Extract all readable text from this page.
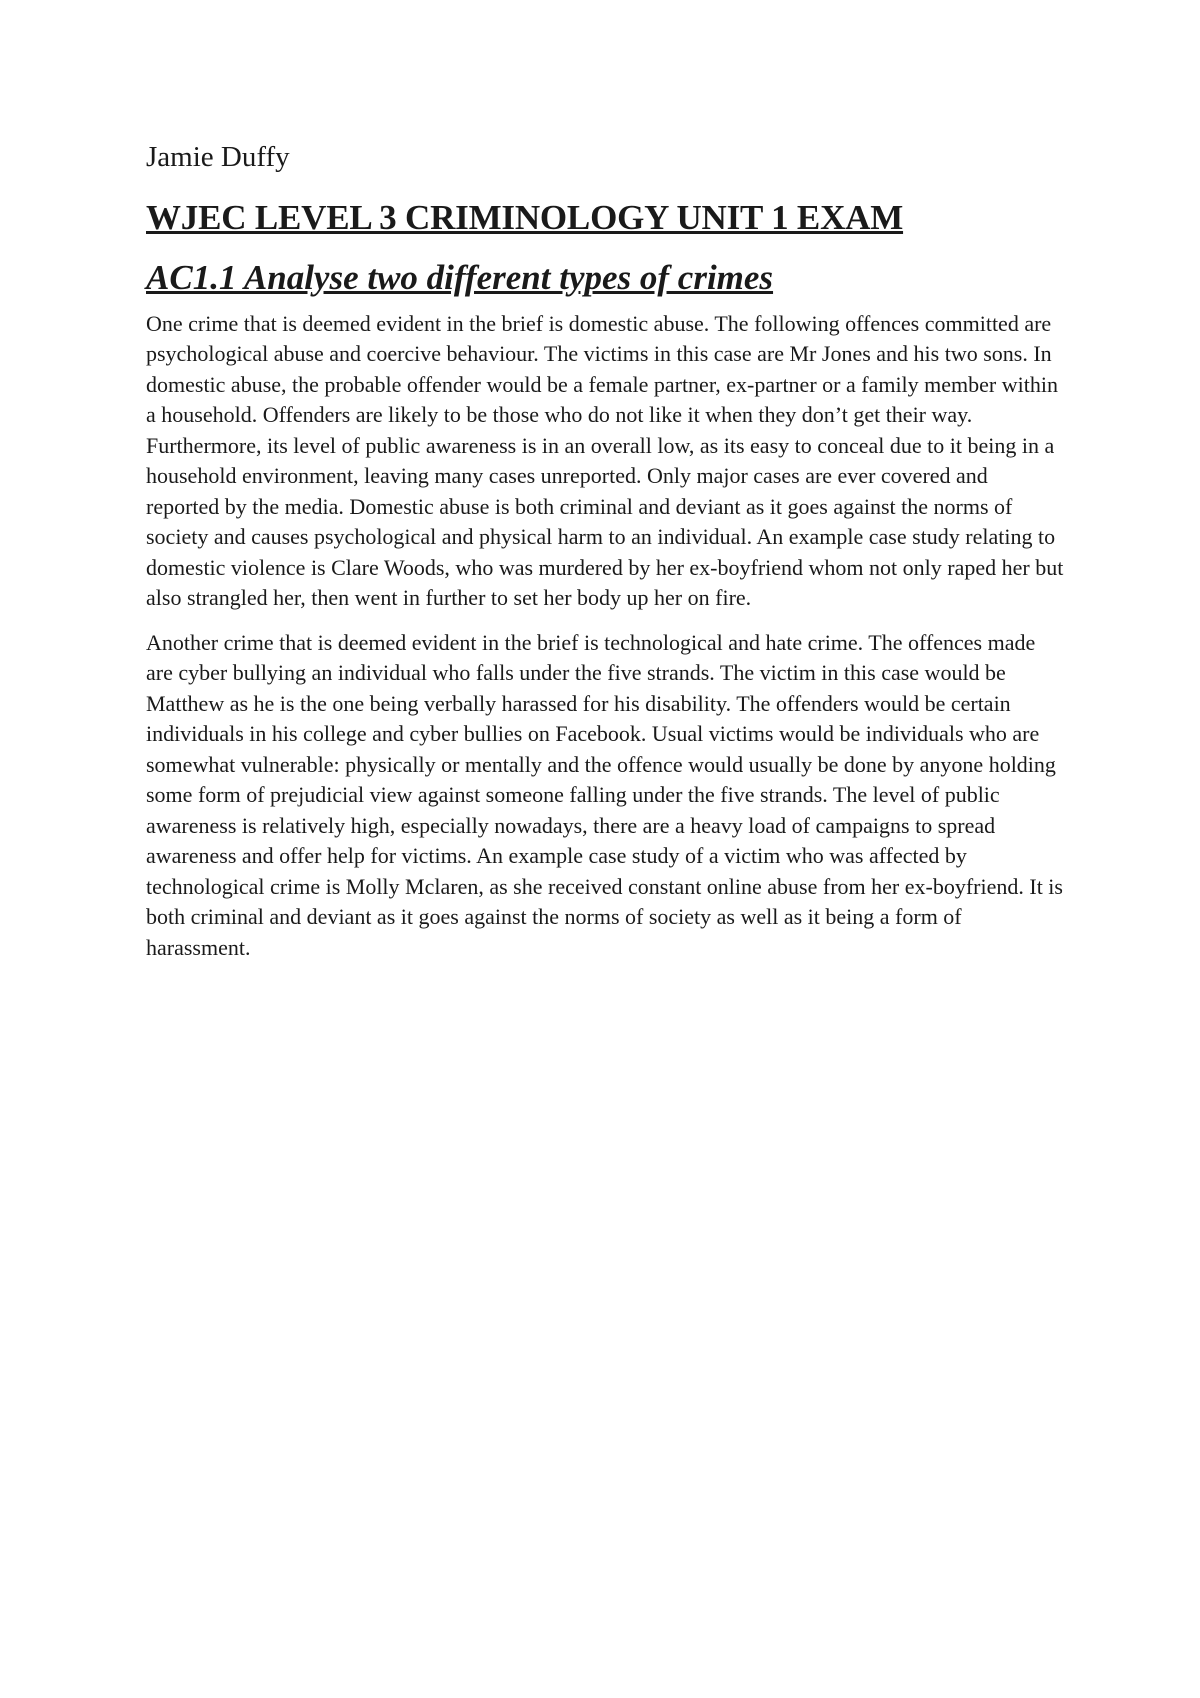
Jamie Duffy
WJEC LEVEL 3 CRIMINOLOGY UNIT 1 EXAM
AC1.1 Analyse two different types of crimes

One crime that is deemed evident in the brief is domestic abuse. The following offences committed are psychological abuse and coercive behaviour. The victims in this case are Mr Jones and his two sons. In domestic abuse, the probable offender would be a female partner, ex-partner or a family member within a household. Offenders are likely to be those who do not like it when they don’t get their way. Furthermore, its level of public awareness is in an overall low, as its easy to conceal due to it being in a household environment, leaving many cases unreported. Only major cases are ever covered and reported by the media. Domestic abuse is both criminal and deviant as it goes against the norms of society and causes psychological and physical harm to an individual. An example case study relating to domestic violence is Clare Woods, who was murdered by her ex-boyfriend whom not only raped her but also strangled her, then went in further to set her body up her on fire.

Another crime that is deemed evident in the brief is technological and hate crime. The offences made are cyber bullying an individual who falls under the five strands. The victim in this case would be Matthew as he is the one being verbally harassed for his disability. The offenders would be certain individuals in his college and cyber bullies on Facebook. Usual victims would be individuals who are somewhat vulnerable: physically or mentally and the offence would usually be done by anyone holding some form of prejudicial view against someone falling under the five strands. The level of public awareness is relatively high, especially nowadays, there are a heavy load of campaigns to spread awareness and offer help for victims. An example case study of a victim who was affected by technological crime is Molly Mclaren, as she received constant online abuse from her ex-boyfriend. It is both criminal and deviant as it goes against the norms of society as well as it being a form of harassment.
